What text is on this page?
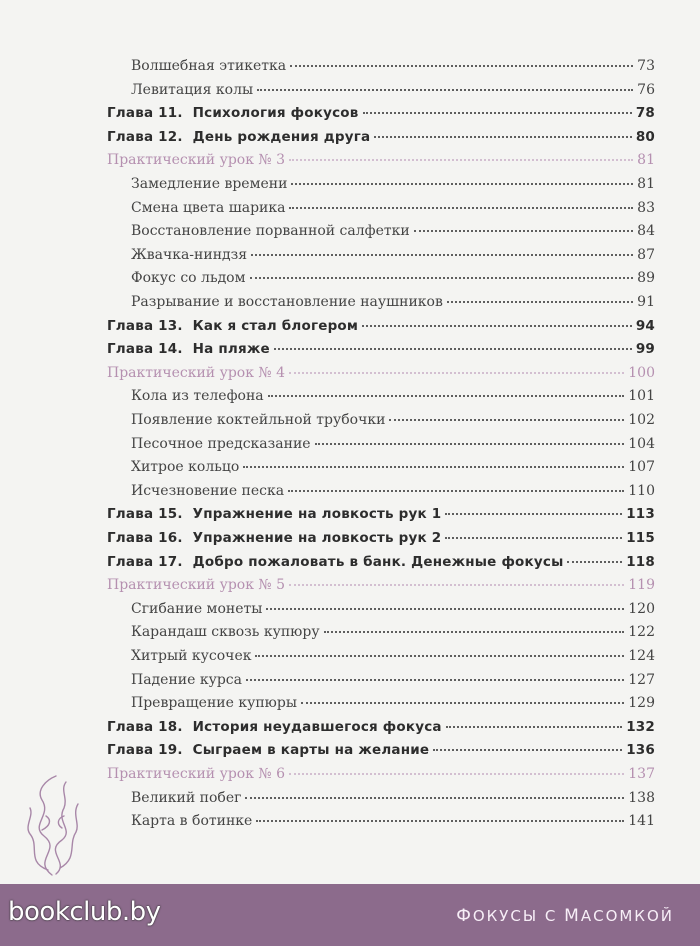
Волшебная этикетка	73
Левитация колы	76
Глава 11. Психология фокусов	78
Глава 12. День рождения друга	80
Практический урок № 3	81
Замедление времени	81
Смена цвета шарика	83
Восстановление порванной салфетки	84
Жвачка-ниндзя	87
Фокус со льдом	89
Разрывание и восстановление наушников	91
Глава 13. Как я стал блогером	94
Глава 14. На пляже	99
Практический урок № 4	100
Кола из телефона	101
Появление коктейльной трубочки	102
Песочное предсказание	104
Хитрое кольцо	107
Исчезновение песка	110
Глава 15. Упражнение на ловкость рук 1	113
Глава 16. Упражнение на ловкость рук 2	115
Глава 17. Добро пожаловать в банк. Денежные фокусы	118
Практический урок № 5	119
Сгибание монеты	120
Карандаш сквозь купюру	122
Хитрый кусочек	124
Падение курса	127
Превращение купюры	129
Глава 18. История неудавшегося фокуса	132
Глава 19. Сыграем в карты на желание	136
Практический урок № 6	137
Великий побег	138
Карта в ботинке	141
bookclub.by	ФОКУСЫ С МАСОМКОЙ
